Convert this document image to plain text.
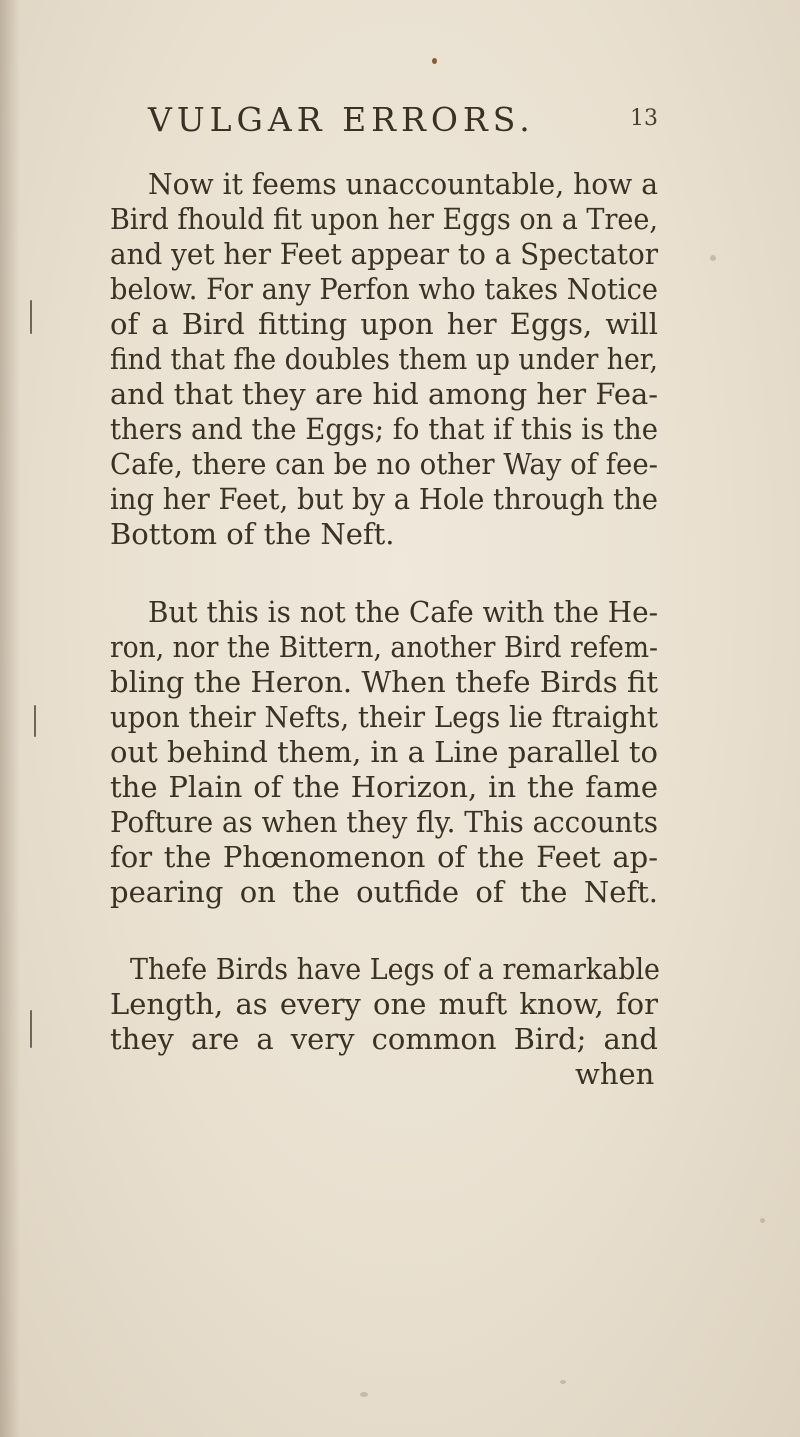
VULGAR ERRORS.	13
Now it feems unaccountable, how a
Bird fhould fit upon her Eggs on a Tree,
and yet her Feet appear to a Spectator
below. For any Perfon who takes Notice
of a Bird fitting upon her Eggs, will
find that fhe doubles them up under her,
and that they are hid among her Fea-
thers and the Eggs; fo that if this is the
Cafe, there can be no other Way of fee-
ing her Feet, but by a Hole through the
Bottom of the Neft.
But this is not the Cafe with the He-
ron, nor the Bittern, another Bird refem-
bling the Heron. When thefe Birds fit
upon their Nefts, their Legs lie ftraight
out behind them, in a Line parallel to
the Plain of the Horizon, in the fame
Pofture as when they fly. This accounts
for the Phœnomenon of the Feet ap-
pearing on the outfide of the Neft.
Thefe Birds have Legs of a remarkable
Length, as every one muft know, for
they are a very common Bird; and
when
